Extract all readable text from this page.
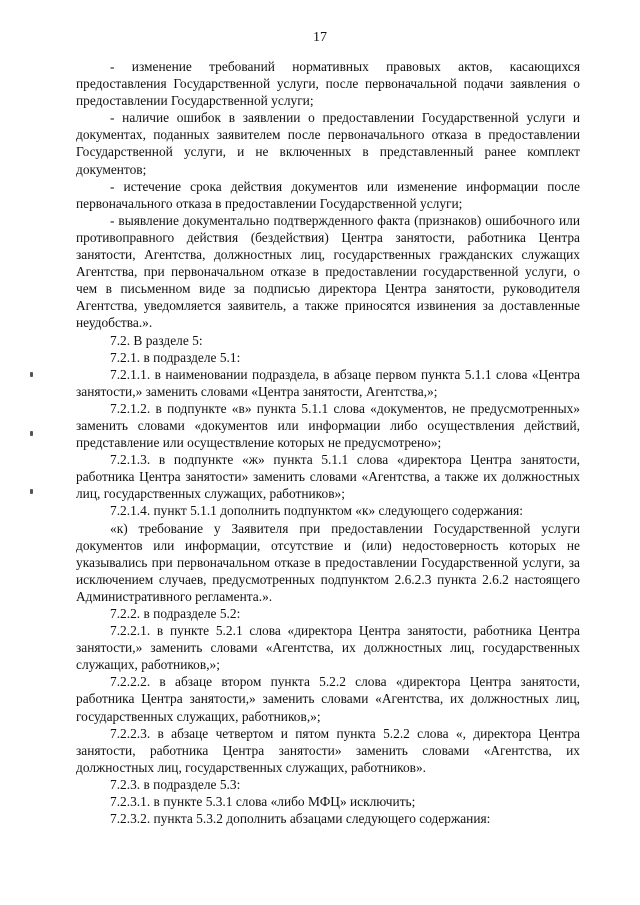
17

- изменение требований нормативных правовых актов, касающихся предоставления Государственной услуги, после первоначальной подачи заявления о предоставлении Государственной услуги;

- наличие ошибок в заявлении о предоставлении Государственной услуги и документах, поданных заявителем после первоначального отказа в предоставлении Государственной услуги, и не включенных в представленный ранее комплект документов;

- истечение срока действия документов или изменение информации после первоначального отказа в предоставлении Государственной услуги;

- выявление документально подтвержденного факта (признаков) ошибочного или противоправного действия (бездействия) Центра занятости, работника Центра занятости, Агентства, должностных лиц, государственных гражданских служащих Агентства, при первоначальном отказе в предоставлении государственной услуги, о чем в письменном виде за подписью директора Центра занятости, руководителя Агентства, уведомляется заявитель, а также приносятся извинения за доставленные неудобства.».

7.2. В разделе 5:

7.2.1. в подразделе 5.1:

7.2.1.1. в наименовании подраздела, в абзаце первом пункта 5.1.1 слова «Центра занятости,» заменить словами «Центра занятости, Агентства,»;

7.2.1.2. в подпункте «в» пункта 5.1.1 слова «документов, не предусмотренных» заменить словами «документов или информации либо осуществления действий, представление или осуществление которых не предусмотрено»;

7.2.1.3. в подпункте «ж» пункта 5.1.1 слова «директора Центра занятости, работника Центра занятости» заменить словами «Агентства, а также их должностных лиц, государственных служащих, работников»;

7.2.1.4. пункт 5.1.1 дополнить подпунктом «к» следующего содержания:

«к) требование у Заявителя при предоставлении Государственной услуги документов или информации, отсутствие и (или) недостоверность которых не указывались при первоначальном отказе в предоставлении Государственной услуги, за исключением случаев, предусмотренных подпунктом 2.6.2.3 пункта 2.6.2 настоящего Административного регламента.».

7.2.2. в подразделе 5.2:

7.2.2.1. в пункте 5.2.1 слова «директора Центра занятости, работника Центра занятости,» заменить словами «Агентства, их должностных лиц, государственных служащих, работников,»;

7.2.2.2. в абзаце втором пункта 5.2.2 слова «директора Центра занятости, работника Центра занятости,» заменить словами «Агентства, их должностных лиц, государственных служащих, работников,»;

7.2.2.3. в абзаце четвертом и пятом пункта 5.2.2 слова «, директора Центра занятости, работника Центра занятости» заменить словами «Агентства, их должностных лиц, государственных служащих, работников».

7.2.3. в подразделе 5.3:

7.2.3.1. в пункте 5.3.1 слова «либо МФЦ» исключить;

7.2.3.2. пункта 5.3.2 дополнить абзацами следующего содержания:
